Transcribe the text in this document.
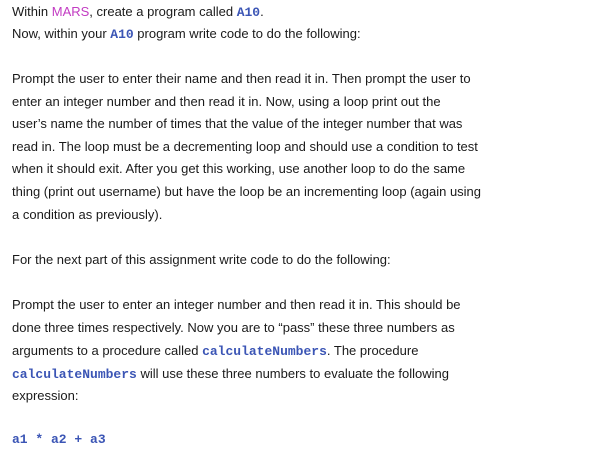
Within MARS, create a program called A10.
Now, within your A10 program write code to do the following:
Prompt the user to enter their name and then read it in. Then prompt the user to
enter an integer number and then read it in. Now, using a loop print out the
user’s name the number of times that the value of the integer number that was
read in. The loop must be a decrementing loop and should use a condition to test
when it should exit. After you get this working, use another loop to do the same
thing (print out username) but have the loop be an incrementing loop (again using
a condition as previously).
For the next part of this assignment write code to do the following:
Prompt the user to enter an integer number and then read it in. This should be
done three times respectively. Now you are to “pass” these three numbers as
arguments to a procedure called calculateNumbers. The procedure
calculateNumbers will use these three numbers to evaluate the following
expression:
a1 * a2 + a3
